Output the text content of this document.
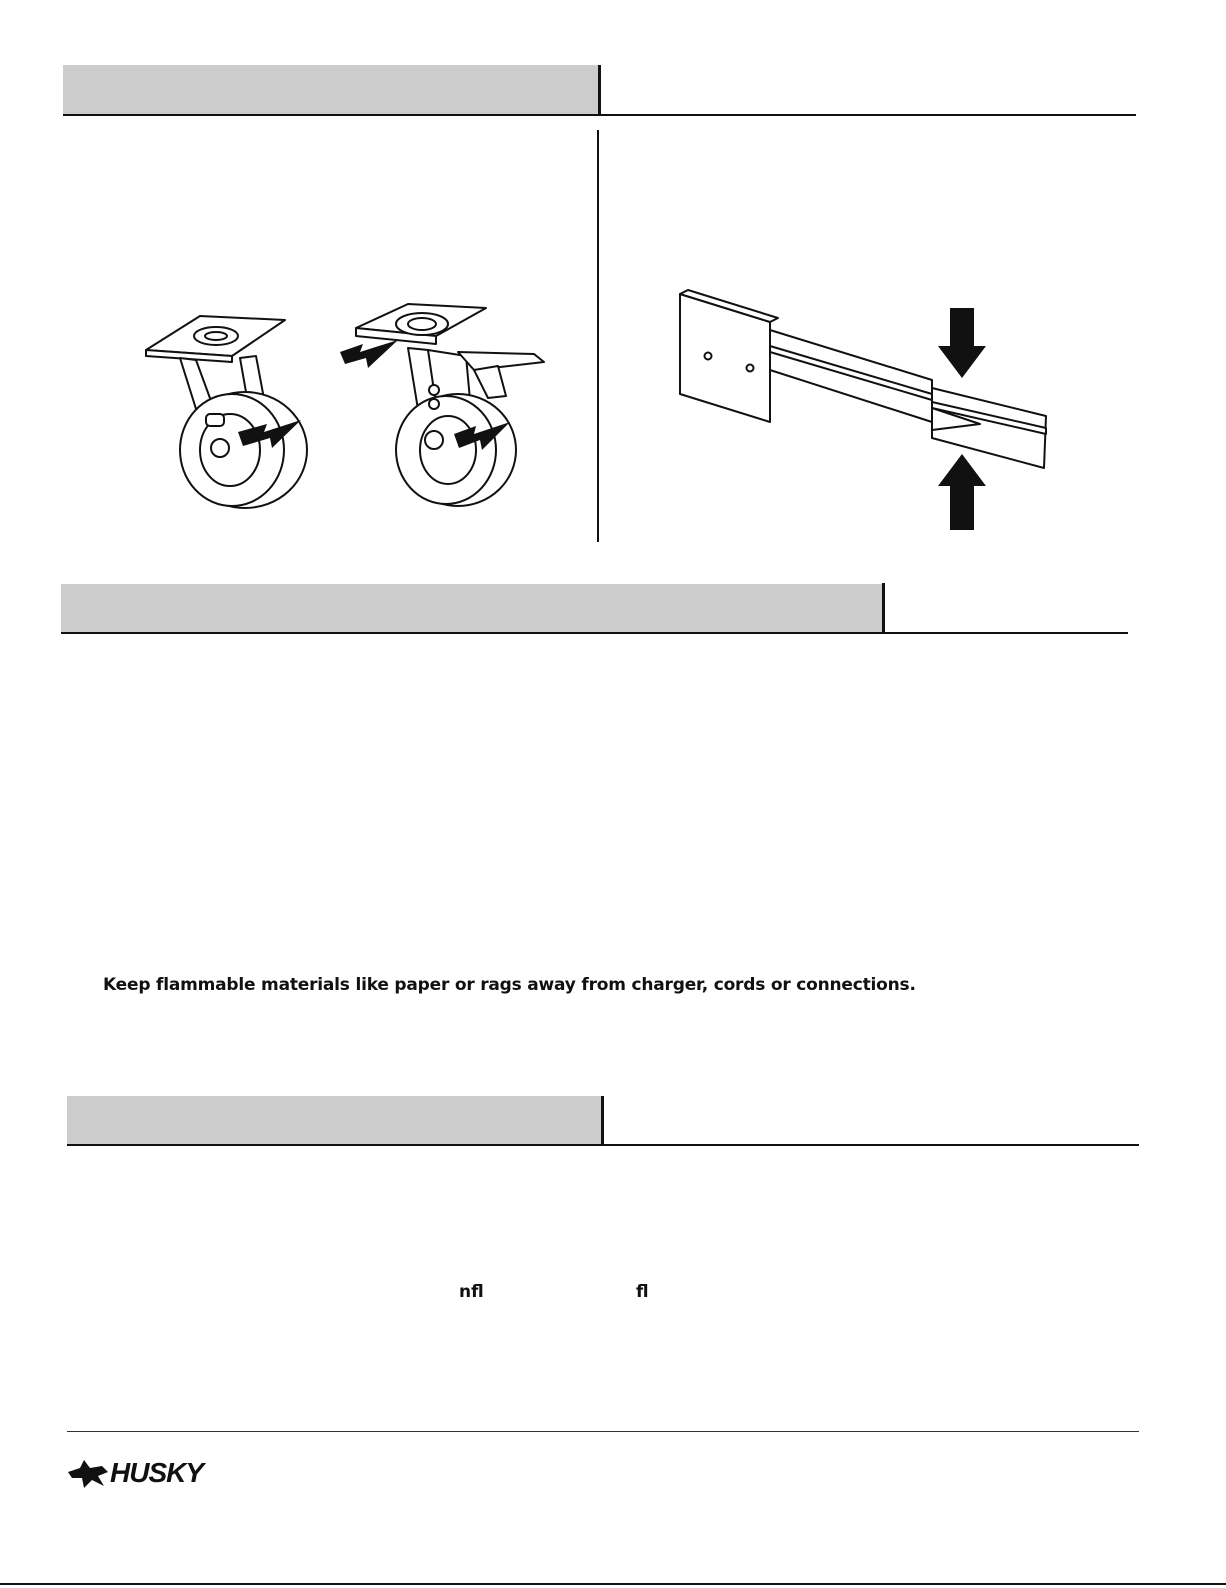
Keep flammable materials like paper or rags away from charger, cords or connections.
nfl	fl
HUSKY
